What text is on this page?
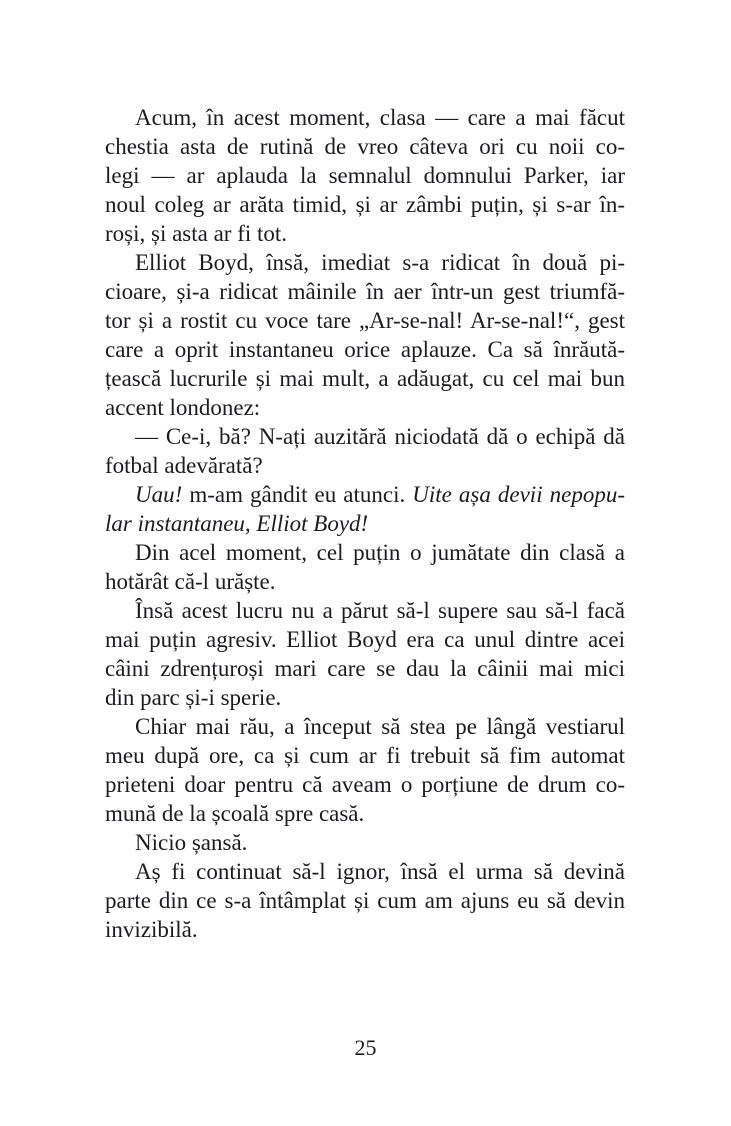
Acum, în acest moment, clasa — care a mai făcut
chestia asta de rutină de vreo câteva ori cu noii co-
legi — ar aplauda la semnalul domnului Parker, iar
noul coleg ar arăta timid, și ar zâmbi puțin, și s-ar în-
roși, și asta ar fi tot.
Elliot Boyd, însă, imediat s-a ridicat în două pi-
cioare, și-a ridicat mâinile în aer într-un gest triumfă-
tor și a rostit cu voce tare „Ar-se-nal! Ar-se-nal!“, gest
care a oprit instantaneu orice aplauze. Ca să înrăută-
țească lucrurile și mai mult, a adăugat, cu cel mai bun
accent londonez:
— Ce-i, bă? N-ați auzitără niciodată dă o echipă dă
fotbal adevărată?
Uau! m-am gândit eu atunci. Uite așa devii nepopu-
lar instantaneu, Elliot Boyd!
Din acel moment, cel puțin o jumătate din clasă a
hotărât că-l urăște.
Însă acest lucru nu a părut să-l supere sau să-l facă
mai puțin agresiv. Elliot Boyd era ca unul dintre acei
câini zdrențuroși mari care se dau la câinii mai mici
din parc și-i sperie.
Chiar mai rău, a început să stea pe lângă vestiarul
meu după ore, ca și cum ar fi trebuit să fim automat
prieteni doar pentru că aveam o porțiune de drum co-
mună de la școală spre casă.
Nicio șansă.
Aș fi continuat să-l ignor, însă el urma să devină
parte din ce s-a întâmplat și cum am ajuns eu să devin
invizibilă.
25
